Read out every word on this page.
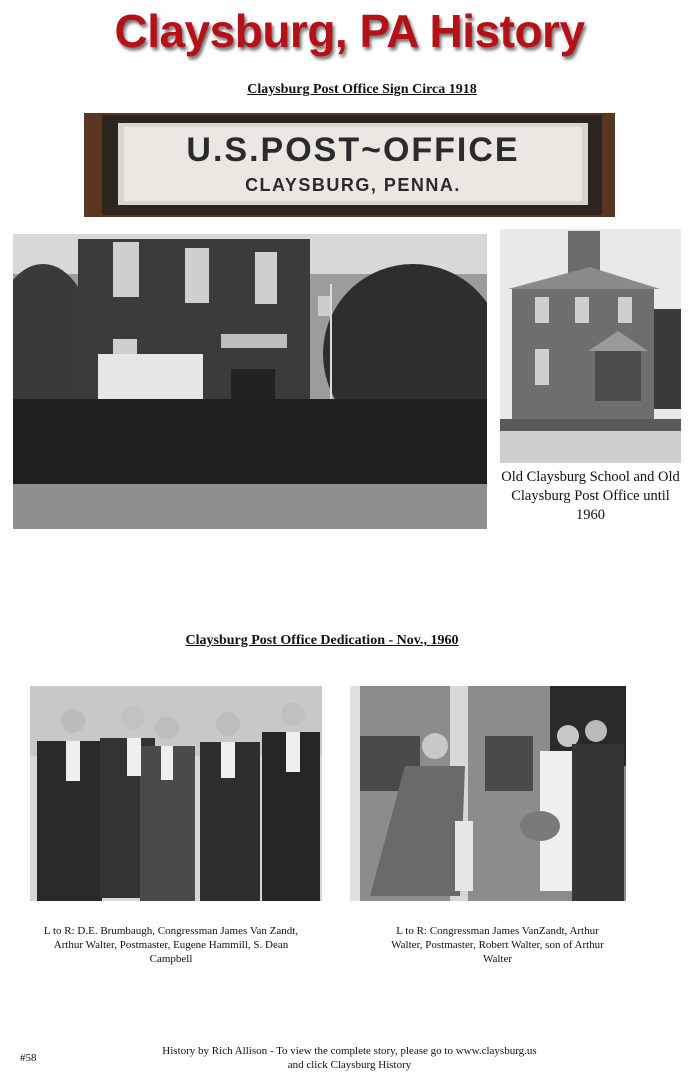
Claysburg, PA History
Claysburg Post Office Sign Circa 1918
U.S.POST~OFFICE
CLAYSBURG, PENNA.
Old Claysburg School and Old Claysburg Post Office until 1960
Claysburg Post Office Dedication - Nov., 1960
L to R: D.E. Brumbaugh, Congressman James Van Zandt, Arthur Walter, Postmaster, Eugene Hammill, S. Dean Campbell
L to R: Congressman James VanZandt, Arthur Walter, Postmaster, Robert Walter, son of Arthur Walter
#58
History by Rich Allison - To view the complete story, please go to www.claysburg.us
and click Claysburg History
